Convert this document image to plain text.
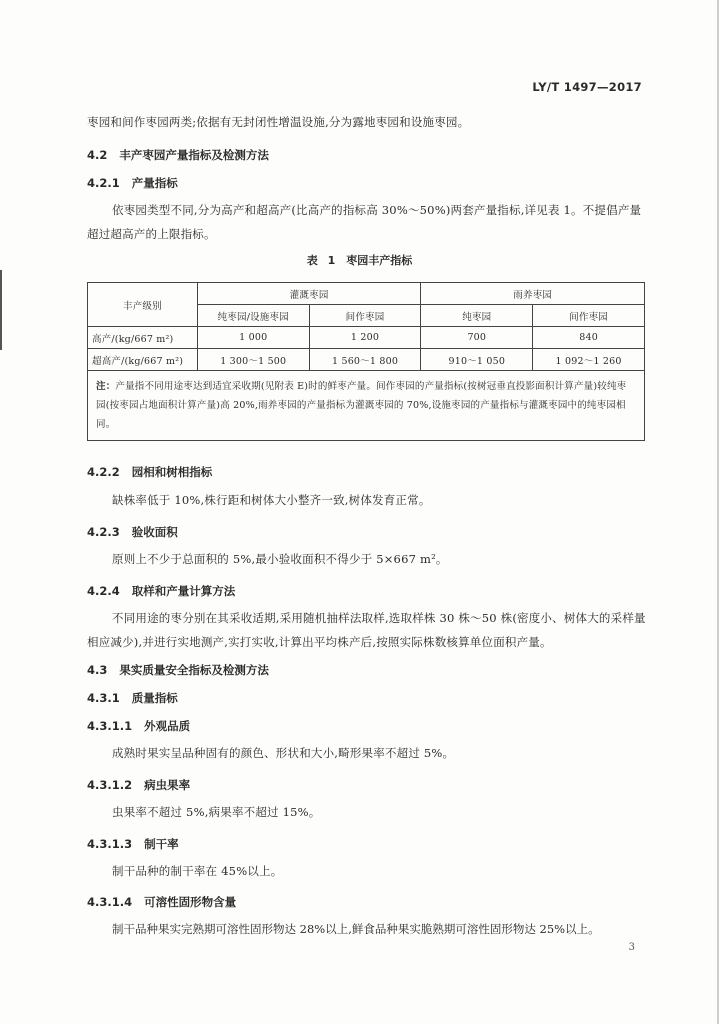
LY/T 1497—2017

枣园和间作枣园两类;依据有无封闭性增温设施,分为露地枣园和设施枣园。

4.2 丰产枣园产量指标及检测方法
4.2.1 产量指标

依枣园类型不同,分为高产和超高产(比高产的指标高 30%～50%)两套产量指标,详见表 1。不提倡产量超过超高产的上限指标。

表 1　枣园丰产指标
丰产级别	灌溉枣园		雨养枣园	
	纯枣园/设施枣园	间作枣园	纯枣园	间作枣园
高产/(kg/667 m²)	1 000	1 200	700	840
超高产/(kg/667 m²)	1 300～1 500	1 560～1 800	910～1 050	1 092～1 260
注：产量指不同用途枣达到适宜采收期(见附表 E)时的鲜枣产量。间作枣园的产量指标(按树冠垂直投影面积计算产量)较纯枣园(按枣园占地面积计算产量)高 20%,雨养枣园的产量指标为灌溉枣园的 70%,设施枣园的产量指标与灌溉枣园中的纯枣园相同。				
4.2.2 园相和树相指标

缺株率低于 10%,株行距和树体大小整齐一致,树体发育正常。

4.2.3 验收面积

原则上不少于总面积的 5%,最小验收面积不得少于 5×667 m²。

4.2.4 取样和产量计算方法

不同用途的枣分别在其采收适期,采用随机抽样法取样,选取样株 30 株～50 株(密度小、树体大的采样量相应减少),并进行实地测产,实打实收,计算出平均株产后,按照实际株数核算单位面积产量。

4.3 果实质量安全指标及检测方法
4.3.1 质量指标
4.3.1.1 外观品质

成熟时果实呈品种固有的颜色、形状和大小,畸形果率不超过 5%。

4.3.1.2 病虫果率

虫果率不超过 5%,病果率不超过 15%。

4.3.1.3 制干率

制干品种的制干率在 45%以上。

4.3.1.4 可溶性固形物含量

制干品种果实完熟期可溶性固形物达 28%以上,鲜食品种果实脆熟期可溶性固形物达 25%以上。

3
